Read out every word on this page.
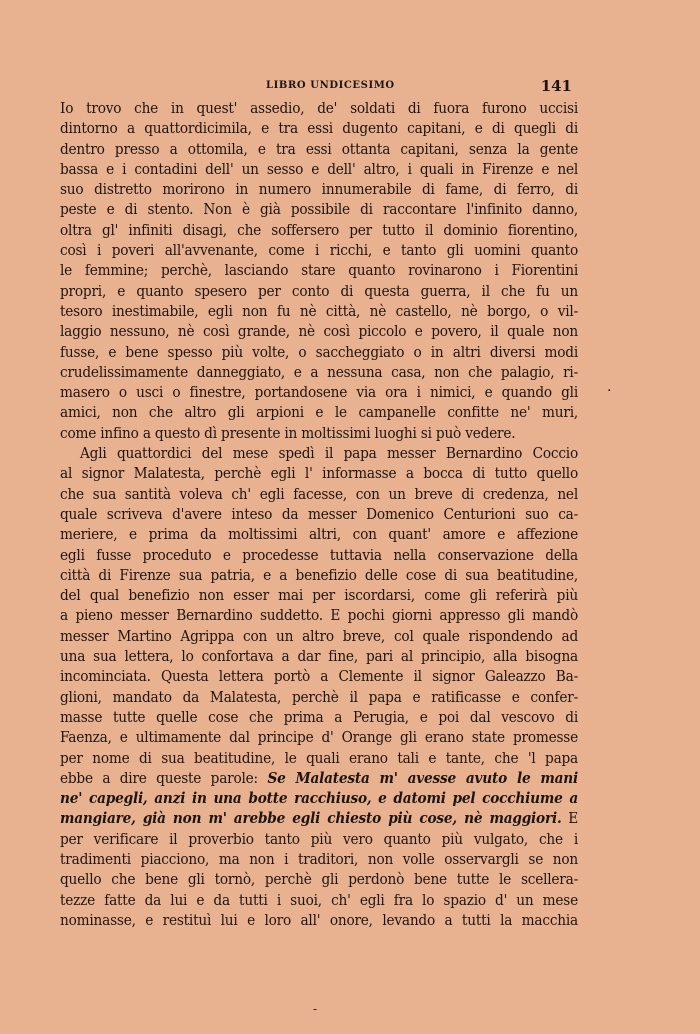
LIBRO UNDICESIMO	141
Io trovo che in quest' assedio, de' soldati di fuora furono uccisi
dintorno a quattordicimila, e tra essi dugento capitani, e di quegli di
dentro presso a ottomila, e tra essi ottanta capitani, senza la gente
bassa e i contadini dell' un sesso e dell' altro, i quali in Firenze e nel
suo distretto morirono in numero innumerabile di fame, di ferro, di
peste e di stento. Non è già possibile di raccontare l'infinito danno,
oltra gl' infiniti disagi, che soffersero per tutto il dominio fiorentino,
così i poveri all'avvenante, come i ricchi, e tanto gli uomini quanto
le femmine; perchè, lasciando stare quanto rovinarono i Fiorentini
propri, e quanto spesero per conto di questa guerra, il che fu un
tesoro inestimabile, egli non fu nè città, nè castello, nè borgo, o vil-
laggio nessuno, nè così grande, nè così piccolo e povero, il quale non
fusse, e bene spesso più volte, o saccheggiato o in altri diversi modi
crudelissimamente danneggiato, e a nessuna casa, non che palagio, ri-
masero o usci o finestre, portandosene via ora i nimici, e quando gli
amici, non che altro gli arpioni e le campanelle confitte ne' muri,
come infino a questo dì presente in moltissimi luoghi si può vedere.
Agli quattordici del mese spedì il papa messer Bernardino Coccio
al signor Malatesta, perchè egli l' informasse a bocca di tutto quello
che sua santità voleva ch' egli facesse, con un breve di credenza, nel
quale scriveva d'avere inteso da messer Domenico Centurioni suo ca-
meriere, e prima da moltissimi altri, con quant' amore e affezione
egli fusse proceduto e procedesse tuttavia nella conservazione della
città di Firenze sua patria, e a benefizio delle cose di sua beatitudine,
del qual benefizio non esser mai per iscordarsi, come gli referirà più
a pieno messer Bernardino suddetto. E pochi giorni appresso gli mandò
messer Martino Agrippa con un altro breve, col quale rispondendo ad
una sua lettera, lo confortava a dar fine, pari al principio, alla bisogna
incominciata. Questa lettera portò a Clemente il signor Galeazzo Ba-
glioni, mandato da Malatesta, perchè il papa e ratificasse e confer-
masse tutte quelle cose che prima a Perugia, e poi dal vescovo di
Faenza, e ultimamente dal principe d' Orange gli erano state promesse
per nome di sua beatitudine, le quali erano tali e tante, che 'l papa
ebbe a dire queste parole: Se Malatesta m' avesse avuto le mani
ne' capegli, anzi in una botte racchiuso, e datomi pel cocchiume a
mangiare, già non m' arebbe egli chiesto più cose, nè maggiori. E
per verificare il proverbio tanto più vero quanto più vulgato, che i
tradimenti piacciono, ma non i traditori, non volle osservargli se non
quello che bene gli tornò, perchè gli perdonò bene tutte le scellera-
tezze fatte da lui e da tutti i suoi, ch' egli fra lo spazio d' un mese
nominasse, e restituì lui e loro all' onore, levando a tutti la macchia
.
-
